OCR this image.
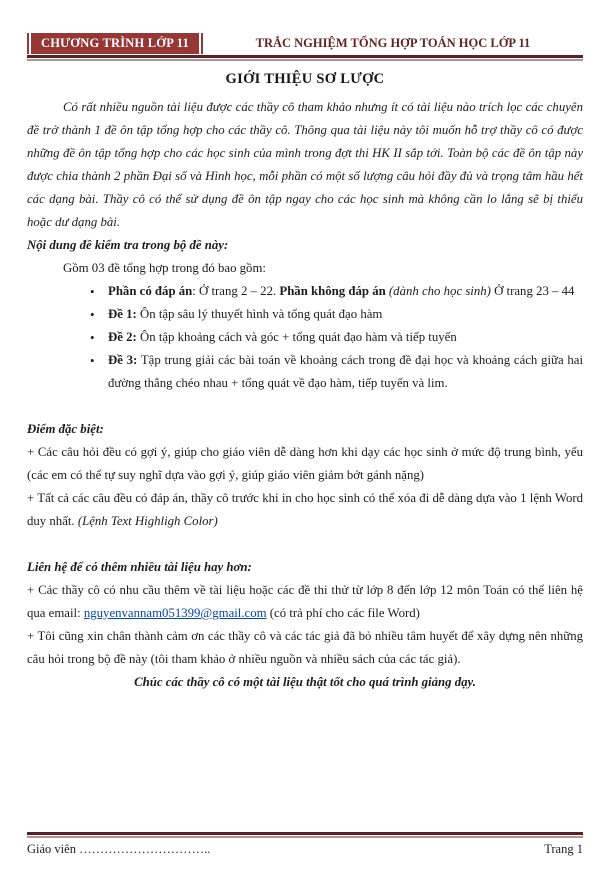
CHƯƠNG TRÌNH LỚP 11	TRẮC NGHIỆM TỔNG HỢP TOÁN HỌC LỚP 11
GIỚI THIỆU SƠ LƯỢC

Có rất nhiều nguồn tài liệu được các thầy cô tham khảo nhưng ít có tài liệu nào trích lọc các chuyên đề trở thành 1 đề ôn tập tổng hợp cho các thầy cô. Thông qua tài liệu này tôi muốn hỗ trợ thầy cô có được những đề ôn tập tổng hợp cho các học sinh của mình trong đợt thi HK II sắp tới. Toàn bộ các đề ôn tập này được chia thành 2 phần Đại số và Hình học, mỗi phần có một số lượng câu hỏi đầy đủ và trọng tâm hầu hết các dạng bài. Thầy cô có thể sử dụng đề ôn tập ngay cho các học sinh mà không cần lo lắng sẽ bị thiếu hoặc dư dạng bài.

Nội dung đề kiểm tra trong bộ đề này:

Gồm 03 đề tổng hợp trong đó bao gồm:

• Phần có đáp án: Ở trang 2 – 22. Phần không đáp án (dành cho học sinh) Ở trang 23 – 44
• Đề 1: Ôn tập sâu lý thuyết hình và tổng quát đạo hàm
• Đề 2: Ôn tập khoảng cách và góc + tổng quát đạo hàm và tiếp tuyến
• Đề 3: Tập trung giải các bài toán về khoảng cách trong đề đại học và khoảng cách giữa hai đường thẳng chéo nhau + tổng quát về đạo hàm, tiếp tuyến và lim.
Điểm đặc biệt:

+ Các câu hỏi đều có gợi ý, giúp cho giáo viên dễ dàng hơn khi dạy các học sinh ở mức độ trung bình, yếu (các em có thể tự suy nghĩ dựa vào gợi ý, giúp giáo viên giảm bớt gánh nặng)

+ Tất cả các câu đều có đáp án, thầy cô trước khi in cho học sinh có thể xóa đi dễ dàng dựa vào 1 lệnh Word duy nhất. (Lệnh Text Highligh Color)

Liên hệ để có thêm nhiều tài liệu hay hơn:

+ Các thầy cô có nhu cầu thêm về tài liệu hoặc các đề thi thử từ lớp 8 đến lớp 12 môn Toán có thể liên hệ qua email: nguyenvannam051399@gmail.com (có trả phí cho các file Word)

+ Tôi cũng xin chân thành cảm ơn các thầy cô và các tác giả đã bỏ nhiều tâm huyết để xây dựng nên những câu hỏi trong bộ đề này (tôi tham khảo ở nhiều nguồn và nhiều sách của các tác giả).

Chúc các thầy cô có một tài liệu thật tốt cho quá trình giảng dạy.
Giáo viên …………………………..	Trang 1
